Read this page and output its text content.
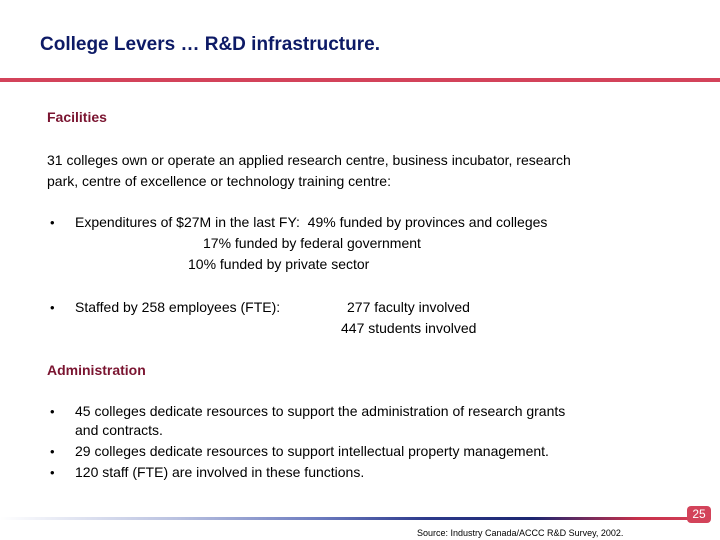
College Levers … R&D infrastructure.
Facilities
31 colleges own or operate an applied research centre, business incubator, research
park, centre of excellence or technology training centre:
• Expenditures of $27M in the last FY:  49% funded by provinces and colleges
17% funded by federal government
10% funded by private sector
• Staffed by 258 employees (FTE):	277 faculty involved
447 students involved
Administration
• 45 colleges dedicate resources to support the administration of research grants
and contracts.
• 29 colleges dedicate resources to support intellectual property management.
• 120 staff (FTE) are involved in these functions.
25
Source: Industry Canada/ACCC R&D Survey, 2002.
